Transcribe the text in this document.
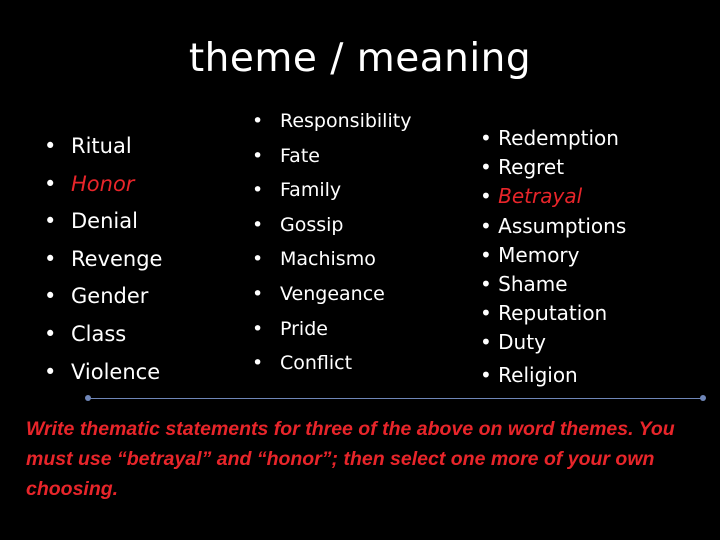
theme / meaning
• Ritual
• Honor
• Denial
• Revenge
• Gender
• Class
• Violence
• Responsibility
• Fate
• Family
• Gossip
• Machismo
• Vengeance
• Pride
• Conflict
• Redemption
• Regret
• Betrayal
• Assumptions
• Memory
• Shame
• Reputation
• Duty
• Religion
Write thematic statements for three of the above on word themes. You must use “betrayal” and “honor”; then select one more of your own choosing.
